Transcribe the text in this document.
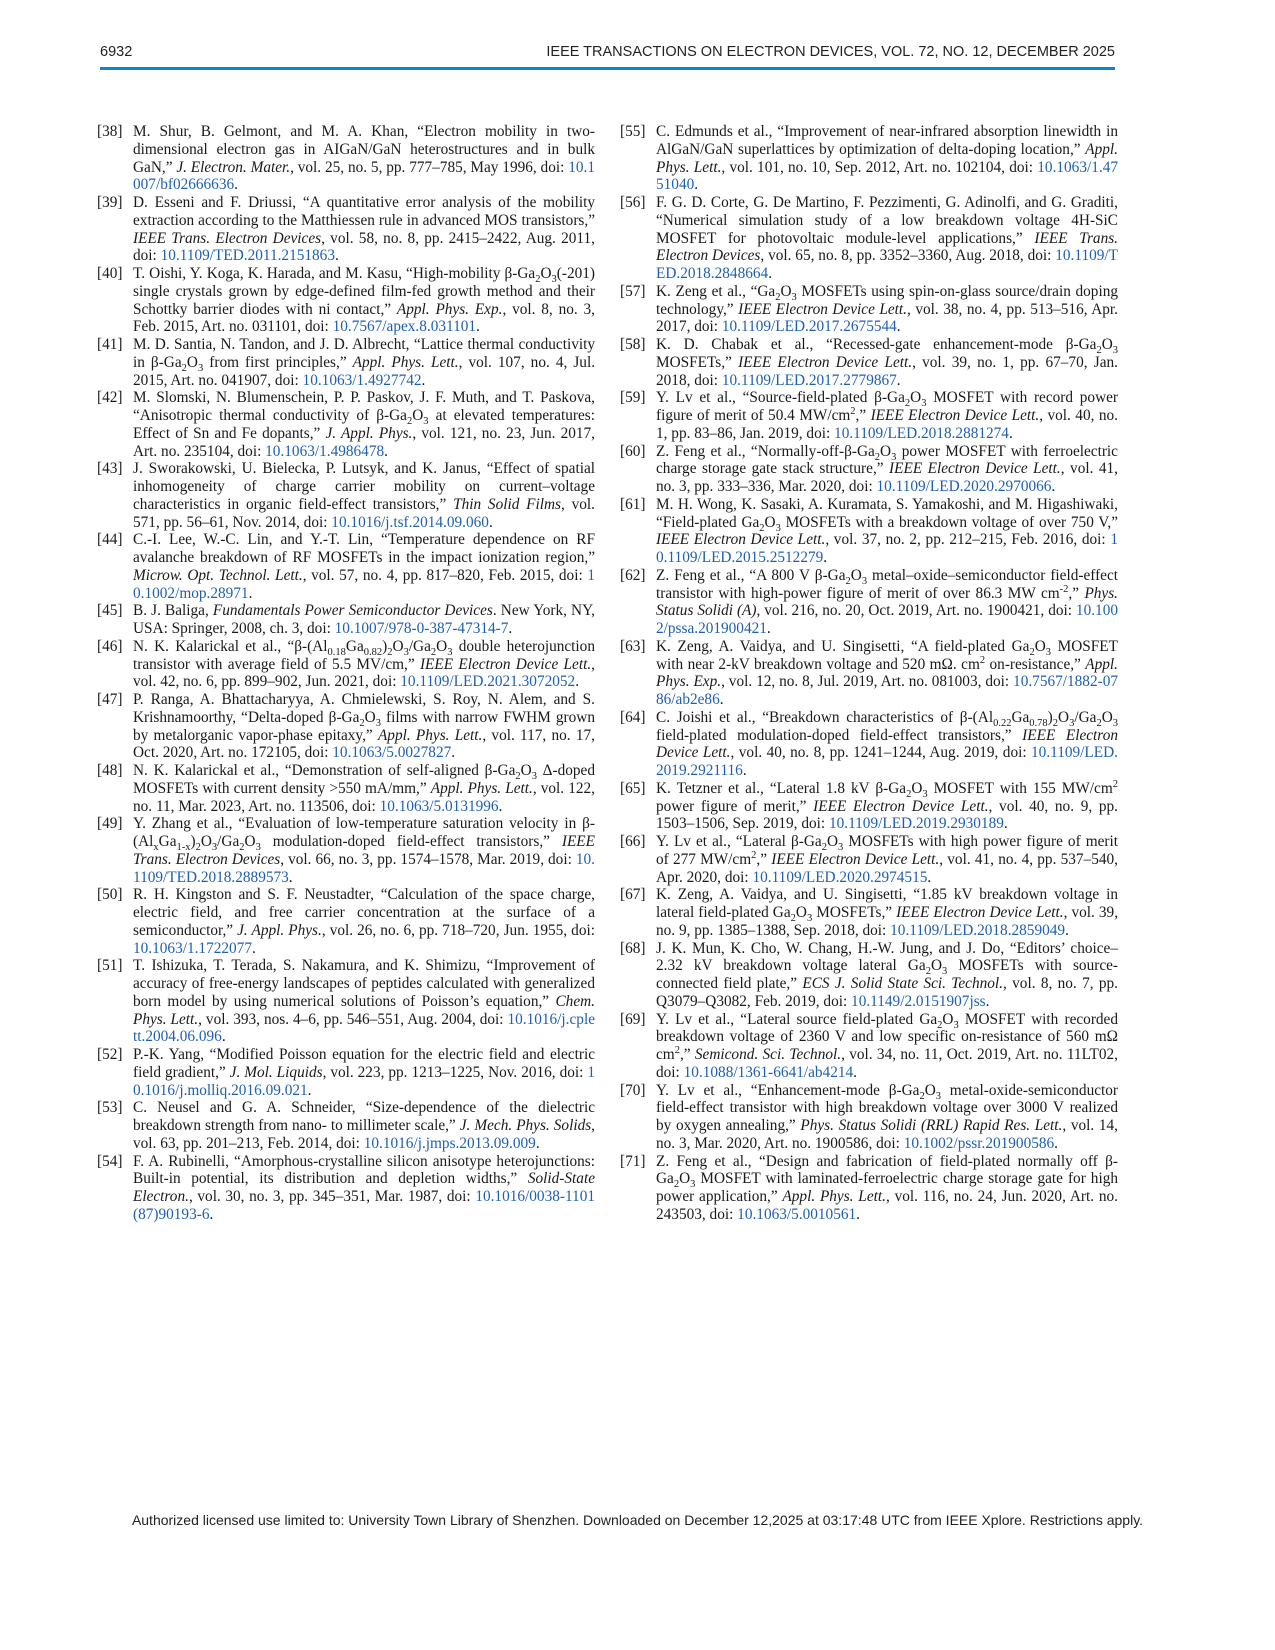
6932	IEEE TRANSACTIONS ON ELECTRON DEVICES, VOL. 72, NO. 12, DECEMBER 2025
[38] M. Shur, B. Gelmont, and M. A. Khan, “Electron mobility in two-dimensional electron gas in AIGaN/GaN heterostructures and in bulk GaN,” J. Electron. Mater., vol. 25, no. 5, pp. 777–785, May 1996, doi: 10.1007/bf02666636.
[39] D. Esseni and F. Driussi, “A quantitative error analysis of the mobility extraction according to the Matthiessen rule in advanced MOS transistors,” IEEE Trans. Electron Devices, vol. 58, no. 8, pp. 2415–2422, Aug. 2011, doi: 10.1109/TED.2011.2151863.
[40] T. Oishi, Y. Koga, K. Harada, and M. Kasu, “High-mobility $\beta-Ga_2O_3(-201)$ single crystals grown by edge-defined film-fed growth method and their Schottky barrier diodes with ni contact,” Appl. Phys. Exp., vol. 8, no. 3, Feb. 2015, Art. no. 031101, doi: 10.7567/apex.8.031101.
[41] M. D. Santia, N. Tandon, and J. D. Albrecht, “Lattice thermal conductivity in $\beta-Ga_2O_3$ from first principles,” Appl. Phys. Lett., vol. 107, no. 4, Jul. 2015, Art. no. 041907, doi: 10.1063/1.4927742.
[42] M. Slomski, N. Blumenschein, P. P. Paskov, J. F. Muth, and T. Paskova, “Anisotropic thermal conductivity of $\beta-Ga_2O_3$ at elevated temperatures: Effect of Sn and Fe dopants,” J. Appl. Phys., vol. 121, no. 23, Jun. 2017, Art. no. 235104, doi: 10.1063/1.4986478.
[43] J. Sworakowski, U. Bielecka, P. Lutsyk, and K. Janus, “Effect of spatial inhomogeneity of charge carrier mobility on current–voltage characteristics in organic field-effect transistors,” Thin Solid Films, vol. 571, pp. 56–61, Nov. 2014, doi: 10.1016/j.tsf.2014.09.060.
[44] C.-I. Lee, W.-C. Lin, and Y.-T. Lin, “Temperature dependence on RF avalanche breakdown of RF MOSFETs in the impact ionization region,” Microw. Opt. Technol. Lett., vol. 57, no. 4, pp. 817–820, Feb. 2015, doi: 10.1002/mop.28971.
[45] B. J. Baliga, Fundamentals Power Semiconductor Devices. New York, NY, USA: Springer, 2008, ch. 3, doi: 10.1007/978-0-387-47314-7.
[46] N. K. Kalarickal et al., “$\beta-(Al_{0.18}Ga_{0.82})_2O_3/Ga_2O_3$ double heterojunction transistor with average field of 5.5 MV/cm,” IEEE Electron Device Lett., vol. 42, no. 6, pp. 899–902, Jun. 2021, doi: 10.1109/LED.2021.3072052.
[47] P. Ranga, A. Bhattacharyya, A. Chmielewski, S. Roy, N. Alem, and S. Krishnamoorthy, “Delta-doped $\beta-Ga_2O_3$ films with narrow FWHM grown by metalorganic vapor-phase epitaxy,” Appl. Phys. Lett., vol. 117, no. 17, Oct. 2020, Art. no. 172105, doi: 10.1063/5.0027827.
[48] N. K. Kalarickal et al., “Demonstration of self-aligned $\beta-Ga_2O_3$ Δ-doped MOSFETs with current density >550 mA/mm,” Appl. Phys. Lett., vol. 122, no. 11, Mar. 2023, Art. no. 113506, doi: 10.1063/5.0131996.
[49] Y. Zhang et al., “Evaluation of low-temperature saturation velocity in $\beta-(Al_xGa_{1-x})_2O_3/Ga_2O_3$ modulation-doped field-effect transistors,” IEEE Trans. Electron Devices, vol. 66, no. 3, pp. 1574–1578, Mar. 2019, doi: 10.1109/TED.2018.2889573.
[50] R. H. Kingston and S. F. Neustadter, “Calculation of the space charge, electric field, and free carrier concentration at the surface of a semiconductor,” J. Appl. Phys., vol. 26, no. 6, pp. 718–720, Jun. 1955, doi: 10.1063/1.1722077.
[51] T. Ishizuka, T. Terada, S. Nakamura, and K. Shimizu, “Improvement of accuracy of free-energy landscapes of peptides calculated with generalized born model by using numerical solutions of Poisson’s equation,” Chem. Phys. Lett., vol. 393, nos. 4–6, pp. 546–551, Aug. 2004, doi: 10.1016/j.cplett.2004.06.096.
[52] P.-K. Yang, “Modified Poisson equation for the electric field and electric field gradient,” J. Mol. Liquids, vol. 223, pp. 1213–1225, Nov. 2016, doi: 10.1016/j.molliq.2016.09.021.
[53] C. Neusel and G. A. Schneider, “Size-dependence of the dielectric breakdown strength from nano- to millimeter scale,” J. Mech. Phys. Solids, vol. 63, pp. 201–213, Feb. 2014, doi: 10.1016/j.jmps.2013.09.009.
[54] F. A. Rubinelli, “Amorphous-crystalline silicon anisotype heterojunctions: Built-in potential, its distribution and depletion widths,” Solid-State Electron., vol. 30, no. 3, pp. 345–351, Mar. 1987, doi: 10.1016/0038-1101(87)90193-6.
[55] C. Edmunds et al., “Improvement of near-infrared absorption linewidth in AlGaN/GaN superlattices by optimization of delta-doping location,” Appl. Phys. Lett., vol. 101, no. 10, Sep. 2012, Art. no. 102104, doi: 10.1063/1.4751040.
[56] F. G. D. Corte, G. De Martino, F. Pezzimenti, G. Adinolfi, and G. Graditi, “Numerical simulation study of a low breakdown voltage 4H-SiC MOSFET for photovoltaic module-level applications,” IEEE Trans. Electron Devices, vol. 65, no. 8, pp. 3352–3360, Aug. 2018, doi: 10.1109/TED.2018.2848664.
[57] K. Zeng et al., “$Ga_2O_3$ MOSFETs using spin-on-glass source/drain doping technology,” IEEE Electron Device Lett., vol. 38, no. 4, pp. 513–516, Apr. 2017, doi: 10.1109/LED.2017.2675544.
[58] K. D. Chabak et al., “Recessed-gate enhancement-mode $\beta-Ga_2O_3$ MOSFETs,” IEEE Electron Device Lett., vol. 39, no. 1, pp. 67–70, Jan. 2018, doi: 10.1109/LED.2017.2779867.
[59] Y. Lv et al., “Source-field-plated $\beta-Ga_2O_3$ MOSFET with record power figure of merit of 50.4 $MW/cm^2$,” IEEE Electron Device Lett., vol. 40, no. 1, pp. 83–86, Jan. 2019, doi: 10.1109/LED.2018.2881274.
[60] Z. Feng et al., “$Normally-off-\beta-Ga_2O_3$ power MOSFET with ferroelectric charge storage gate stack structure,” IEEE Electron Device Lett., vol. 41, no. 3, pp. 333–336, Mar. 2020, doi: 10.1109/LED.2020.2970066.
[61] M. H. Wong, K. Sasaki, A. Kuramata, S. Yamakoshi, and M. Higashiwaki, “Field-plated $Ga_2O_3$ MOSFETs with a breakdown voltage of over 750 V,” IEEE Electron Device Lett., vol. 37, no. 2, pp. 212–215, Feb. 2016, doi: 10.1109/LED.2015.2512279.
[62] Z. Feng et al., “A 800 V $\beta-Ga_2O_3$ metal–oxide–semiconductor field-effect transistor with high-power figure of merit of over 86.3 MW $cm^{-2}$,” Phys. Status Solidi (A), vol. 216, no. 20, Oct. 2019, Art. no. 1900421, doi: 10.1002/pssa.201900421.
[63] K. Zeng, A. Vaidya, and U. Singisetti, “A field-plated $Ga_2O_3$ MOSFET with near 2-kV breakdown voltage and 520 mΩ. $cm^2$ on-resistance,” Appl. Phys. Exp., vol. 12, no. 8, Jul. 2019, Art. no. 081003, doi: 10.7567/1882-0786/ab2e86.
[64] C. Joishi et al., “Breakdown characteristics of $\beta-(Al_{0.22}Ga_{0.78})_2O_3/Ga_2O_3$ field-plated modulation-doped field-effect transistors,” IEEE Electron Device Lett., vol. 40, no. 8, pp. 1241–1244, Aug. 2019, doi: 10.1109/LED.2019.2921116.
[65] K. Tetzner et al., “Lateral 1.8 kV $\beta-Ga_2O_3$ MOSFET with 155 $MW/cm^2$ power figure of merit,” IEEE Electron Device Lett., vol. 40, no. 9, pp. 1503–1506, Sep. 2019, doi: 10.1109/LED.2019.2930189.
[66] Y. Lv et al., “Lateral $\beta-Ga_2O_3$ MOSFETs with high power figure of merit of 277 $MW/cm^2$,” IEEE Electron Device Lett., vol. 41, no. 4, pp. 537–540, Apr. 2020, doi: 10.1109/LED.2020.2974515.
[67] K. Zeng, A. Vaidya, and U. Singisetti, “1.85 kV breakdown voltage in lateral field-plated $Ga_2O_3$ MOSFETs,” IEEE Electron Device Lett., vol. 39, no. 9, pp. 1385–1388, Sep. 2018, doi: 10.1109/LED.2018.2859049.
[68] J. K. Mun, K. Cho, W. Chang, H.-W. Jung, and J. Do, “Editors’ choice–2.32 kV breakdown voltage lateral $Ga_2O_3$ MOSFETs with source-connected field plate,” ECS J. Solid State Sci. Technol., vol. 8, no. 7, pp. Q3079–Q3082, Feb. 2019, doi: 10.1149/2.0151907jss.
[69] Y. Lv et al., “Lateral source field-plated $Ga_2O_3$ MOSFET with recorded breakdown voltage of 2360 V and low specific on-resistance of 560 mΩ $cm^2$,” Semicond. Sci. Technol., vol. 34, no. 11, Oct. 2019, Art. no. 11LT02, doi: 10.1088/1361-6641/ab4214.
[70] Y. Lv et al., “Enhancement-mode $\beta-Ga_2O_3$ metal-oxide-semiconductor field-effect transistor with high breakdown voltage over 3000 V realized by oxygen annealing,” Phys. Status Solidi (RRL) Rapid Res. Lett., vol. 14, no. 3, Mar. 2020, Art. no. 1900586, doi: 10.1002/pssr.201900586.
[71] Z. Feng et al., “Design and fabrication of field-plated normally off $\beta-Ga_2O_3$ MOSFET with laminated-ferroelectric charge storage gate for high power application,” Appl. Phys. Lett., vol. 116, no. 24, Jun. 2020, Art. no. 243503, doi: 10.1063/5.0010561.
Authorized licensed use limited to: University Town Library of Shenzhen. Downloaded on December 12,2025 at 03:17:48 UTC from IEEE Xplore. Restrictions apply.
